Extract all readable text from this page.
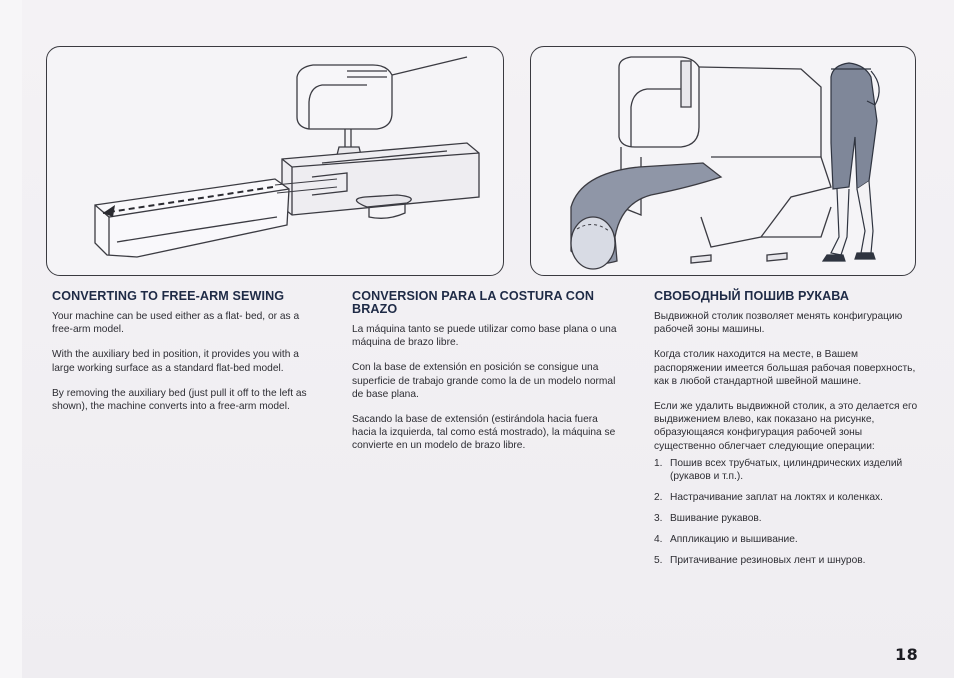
CONVERTING TO FREE-ARM SEWING

Your machine can be used either as a flat- bed, or as a free-arm model.

With the auxiliary bed in position, it provides you with a large working surface as a standard flat-bed model.

By removing the auxiliary bed (just pull it off to the left as shown), the machine converts into a free-arm model.

CONVERSION PARA LA COSTURA CON BRAZO

La máquina tanto se puede utilizar como base plana o una máquina de brazo libre.

Con la base de extensión en posición se consigue una superficie de trabajo grande como la de un modelo normal de base plana.

Sacando la base de extensión (estirándola hacia fuera hacia la izquierda, tal como está mostrado), la máquina se convierte en un modelo de brazo libre.

СВОБОДНЫЙ ПОШИВ РУКАВА

Выдвижной столик позволяет менять конфигурацию рабочей зоны машины.

Когда столик находится на месте, в Вашем распоряжении имеется большая рабочая поверхность, как в любой стандартной швейной машине.

Если же удалить выдвижной столик, а это делается его выдвижением влево, как показано на рисунке, образующаяся конфигурация рабочей зоны существенно облегчает следующие операции:

1. Пошив всех трубчатых, цилиндрических изделий (рукавов и т.п.).
2. Настрачивание заплат на локтях и коленках.
3. Вшивание рукавов.
4. Аппликацию и вышивание.
5. Притачивание резиновых лент и шнуров.
18
